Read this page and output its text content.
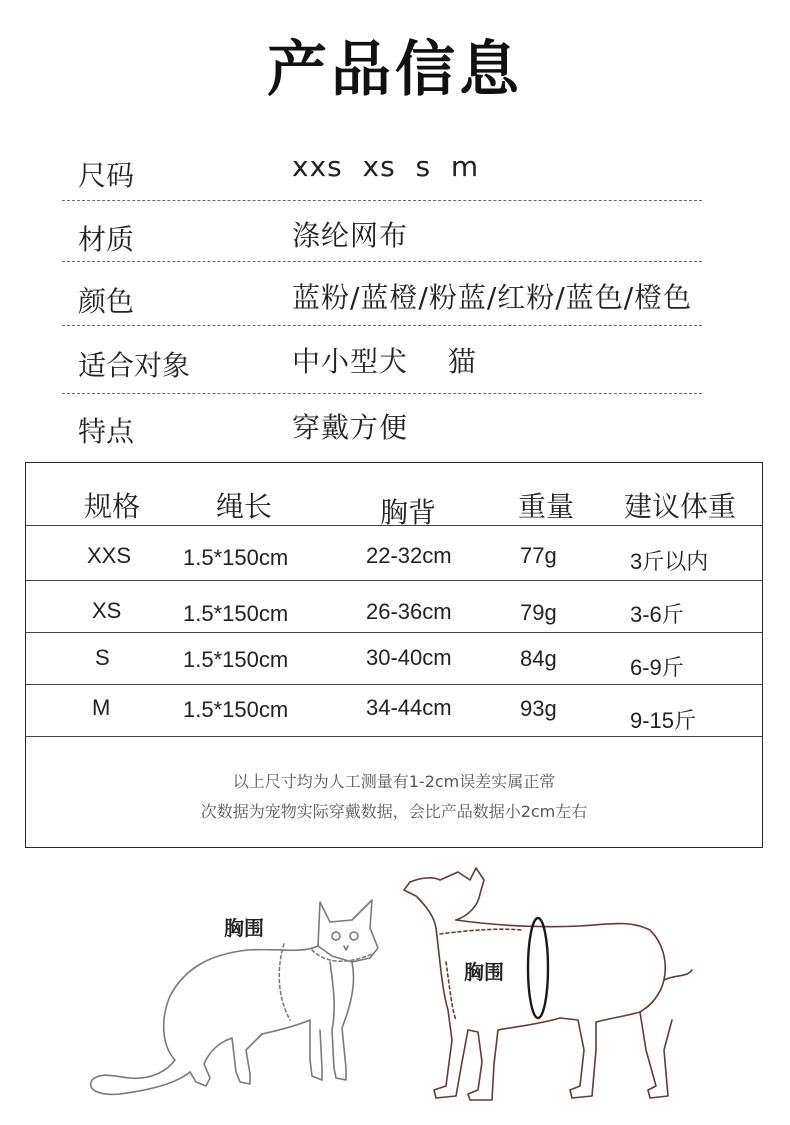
产品信息
尺码	xxs  xs  s  m
材质	涤纶网布
颜色	蓝粉/蓝橙/粉蓝/红粉/蓝色/橙色
适合对象	中小型犬    猫
特点	穿戴方便
规格	绳长	胸背	重量 建议体重
XXS 1.5*150cm	22-32cm	77g	3斤以内
XS	1.5*150cm	26-36cm	79g	3-6斤
S	1.5*150cm	30-40cm	84g	6-9斤
M	1.5*150cm	34-44cm	93g	9-15斤
以上尺寸均为人工测量有1-2cm误差实属正常
次数据为宠物实际穿戴数据，会比产品数据小2cm左右
胸围
胸围
